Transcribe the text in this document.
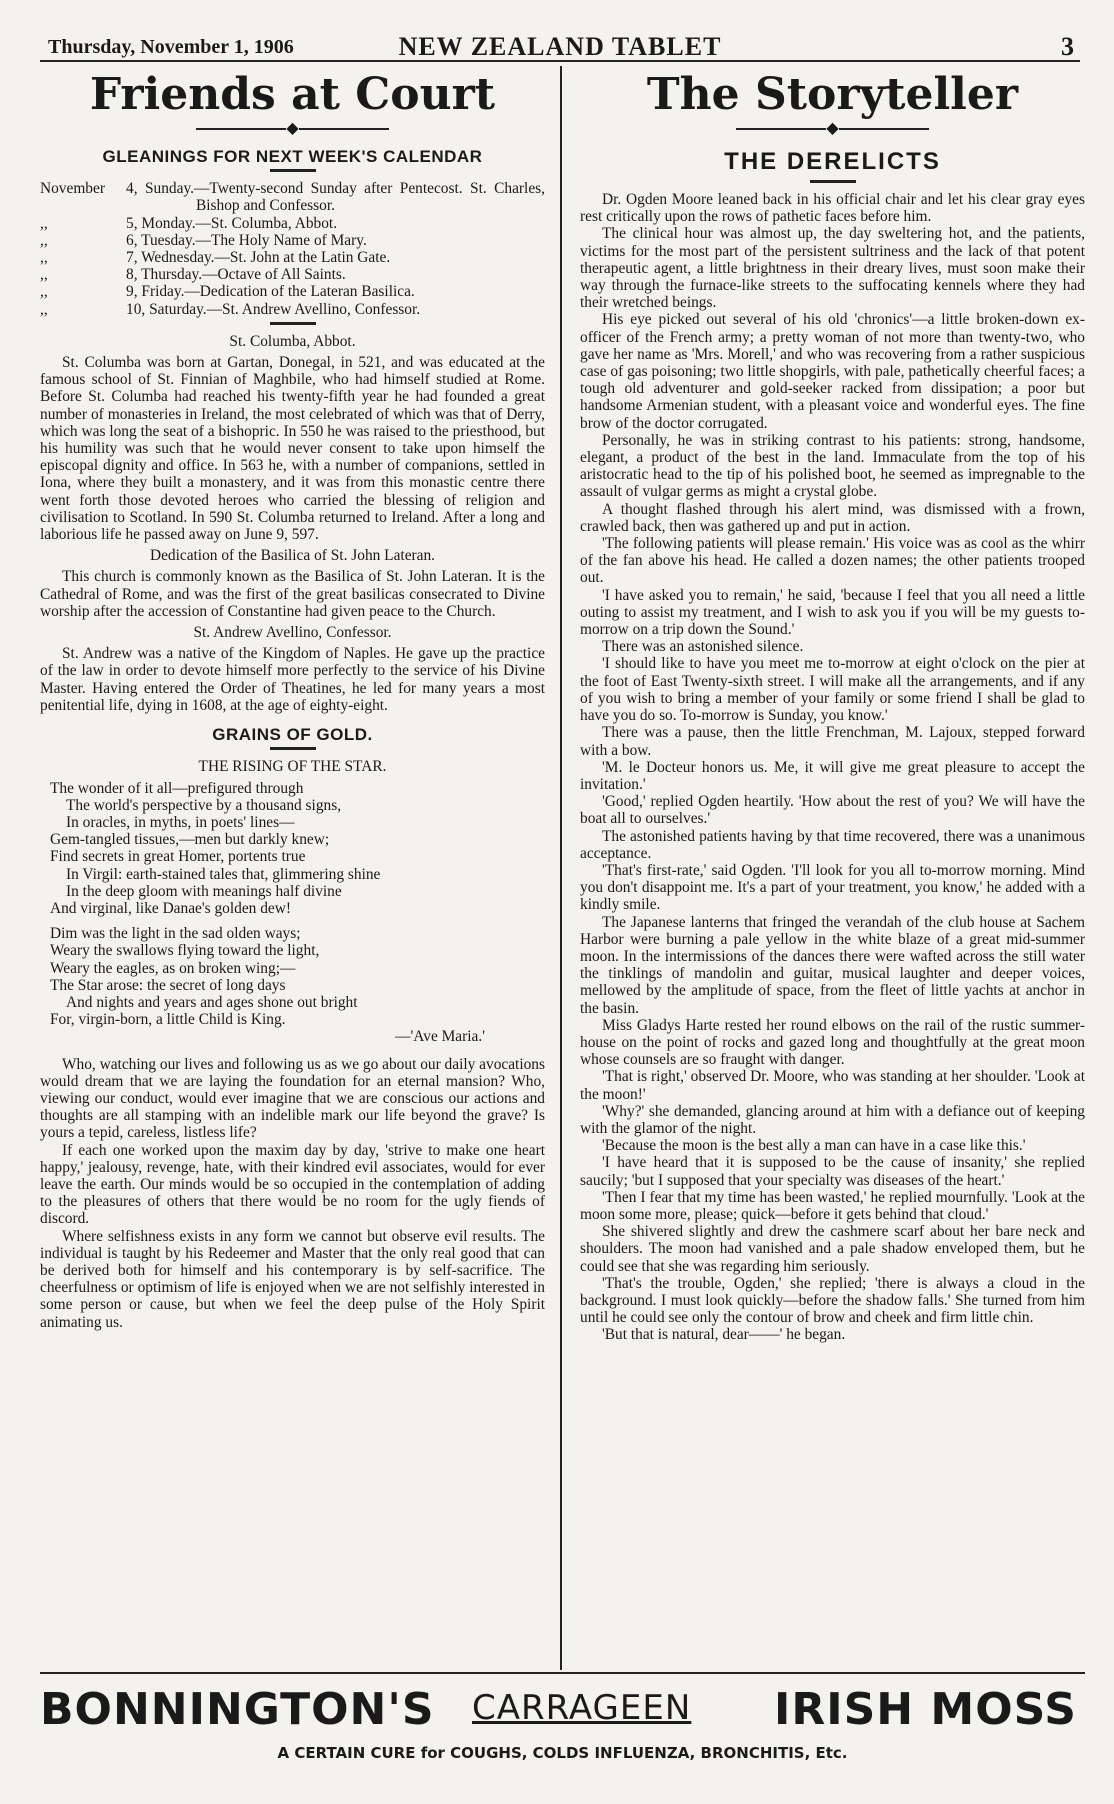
Thursday, November 1, 1906	NEW ZEALAND TABLET	3
Friends at Court
◆
GLEANINGS FOR NEXT WEEK'S CALENDAR
November	4, Sunday.—Twenty-second Sunday after Pentecost. St. Charles, Bishop and Confessor.
,,	5, Monday.—St. Columba, Abbot.
,,	6, Tuesday.—The Holy Name of Mary.
,,	7, Wednesday.—St. John at the Latin Gate.
,,	8, Thursday.—Octave of All Saints.
,,	9, Friday.—Dedication of the Lateran Basilica.
,,	10, Saturday.—St. Andrew Avellino, Confessor.
St. Columba, Abbot.

St. Columba was born at Gartan, Donegal, in 521, and was educated at the famous school of St. Finnian of Maghbile, who had himself studied at Rome. Before St. Columba had reached his twenty-fifth year he had founded a great number of monasteries in Ireland, the most celebrated of which was that of Derry, which was long the seat of a bishopric. In 550 he was raised to the priesthood, but his humility was such that he would never consent to take upon himself the episcopal dignity and office. In 563 he, with a number of companions, settled in Iona, where they built a monastery, and it was from this monastic centre there went forth those devoted heroes who carried the blessing of religion and civilisation to Scotland. In 590 St. Columba returned to Ireland. After a long and laborious life he passed away on June 9, 597.

Dedication of the Basilica of St. John Lateran.

This church is commonly known as the Basilica of St. John Lateran. It is the Cathedral of Rome, and was the first of the great basilicas consecrated to Divine worship after the accession of Constantine had given peace to the Church.

St. Andrew Avellino, Confessor.

St. Andrew was a native of the Kingdom of Naples. He gave up the practice of the law in order to devote himself more perfectly to the service of his Divine Master. Having entered the Order of Theatines, he led for many years a most penitential life, dying in 1608, at the age of eighty-eight.

GRAINS OF GOLD.
THE RISING OF THE STAR.
The wonder of it all—prefigured through
The world's perspective by a thousand signs,
In oracles, in myths, in poets' lines—
Gem-tangled tissues,—men but darkly knew;
Find secrets in great Homer, portents true
In Virgil: earth-stained tales that, glimmering shine
In the deep gloom with meanings half divine
And virginal, like Danae's golden dew!
Dim was the light in the sad olden ways;
Weary the swallows flying toward the light,
Weary the eagles, as on broken wing;—
The Star arose: the secret of long days
And nights and years and ages shone out bright
For, virgin-born, a little Child is King.
—'Ave Maria.'

Who, watching our lives and following us as we go about our daily avocations would dream that we are laying the foundation for an eternal mansion? Who, viewing our conduct, would ever imagine that we are conscious our actions and thoughts are all stamping with an indelible mark our life beyond the grave? Is yours a tepid, careless, listless life?

If each one worked upon the maxim day by day, 'strive to make one heart happy,' jealousy, revenge, hate, with their kindred evil associates, would for ever leave the earth. Our minds would be so occupied in the contemplation of adding to the pleasures of others that there would be no room for the ugly fiends of discord.

Where selfishness exists in any form we cannot but observe evil results. The individual is taught by his Redeemer and Master that the only real good that can be derived both for himself and his contemporary is by self-sacrifice. The cheerfulness or optimism of life is enjoyed when we are not selfishly interested in some person or cause, but when we feel the deep pulse of the Holy Spirit animating us.

The Storyteller
◆
THE DERELICTS

Dr. Ogden Moore leaned back in his official chair and let his clear gray eyes rest critically upon the rows of pathetic faces before him.

The clinical hour was almost up, the day sweltering hot, and the patients, victims for the most part of the persistent sultriness and the lack of that potent therapeutic agent, a little brightness in their dreary lives, must soon make their way through the furnace-like streets to the suffocating kennels where they had their wretched beings.

His eye picked out several of his old 'chronics'—a little broken-down ex-officer of the French army; a pretty woman of not more than twenty-two, who gave her name as 'Mrs. Morell,' and who was recovering from a rather suspicious case of gas poisoning; two little shopgirls, with pale, pathetically cheerful faces; a tough old adventurer and gold-seeker racked from dissipation; a poor but handsome Armenian student, with a pleasant voice and wonderful eyes. The fine brow of the doctor corrugated.

Personally, he was in striking contrast to his patients: strong, handsome, elegant, a product of the best in the land. Immaculate from the top of his aristocratic head to the tip of his polished boot, he seemed as impregnable to the assault of vulgar germs as might a crystal globe.

A thought flashed through his alert mind, was dismissed with a frown, crawled back, then was gathered up and put in action.

'The following patients will please remain.' His voice was as cool as the whirr of the fan above his head. He called a dozen names; the other patients trooped out.

'I have asked you to remain,' he said, 'because I feel that you all need a little outing to assist my treatment, and I wish to ask you if you will be my guests to-morrow on a trip down the Sound.'

There was an astonished silence.

'I should like to have you meet me to-morrow at eight o'clock on the pier at the foot of East Twenty-sixth street. I will make all the arrangements, and if any of you wish to bring a member of your family or some friend I shall be glad to have you do so. To-morrow is Sunday, you know.'

There was a pause, then the little Frenchman, M. Lajoux, stepped forward with a bow.

'M. le Docteur honors us. Me, it will give me great pleasure to accept the invitation.'

'Good,' replied Ogden heartily. 'How about the rest of you? We will have the boat all to ourselves.'

The astonished patients having by that time recovered, there was a unanimous acceptance.

'That's first-rate,' said Ogden. 'I'll look for you all to-morrow morning. Mind you don't disappoint me. It's a part of your treatment, you know,' he added with a kindly smile.

The Japanese lanterns that fringed the verandah of the club house at Sachem Harbor were burning a pale yellow in the white blaze of a great mid-summer moon. In the intermissions of the dances there were wafted across the still water the tinklings of mandolin and guitar, musical laughter and deeper voices, mellowed by the amplitude of space, from the fleet of little yachts at anchor in the basin.

Miss Gladys Harte rested her round elbows on the rail of the rustic summer-house on the point of rocks and gazed long and thoughtfully at the great moon whose counsels are so fraught with danger.

'That is right,' observed Dr. Moore, who was standing at her shoulder. 'Look at the moon!'

'Why?' she demanded, glancing around at him with a defiance out of keeping with the glamor of the night.

'Because the moon is the best ally a man can have in a case like this.'

'I have heard that it is supposed to be the cause of insanity,' she replied saucily; 'but I supposed that your specialty was diseases of the heart.'

'Then I fear that my time has been wasted,' he replied mournfully. 'Look at the moon some more, please; quick—before it gets behind that cloud.'

She shivered slightly and drew the cashmere scarf about her bare neck and shoulders. The moon had vanished and a pale shadow enveloped them, but he could see that she was regarding him seriously.

'That's the trouble, Ogden,' she replied; 'there is always a cloud in the background. I must look quickly—before the shadow falls.' She turned from him until he could see only the contour of brow and cheek and firm little chin.

'But that is natural, dear——' he began.

BONNINGTON'S CARRAGEEN IRISH MOSS
A CERTAIN CURE for COUGHS, COLDS INFLUENZA, BRONCHITIS, Etc.
